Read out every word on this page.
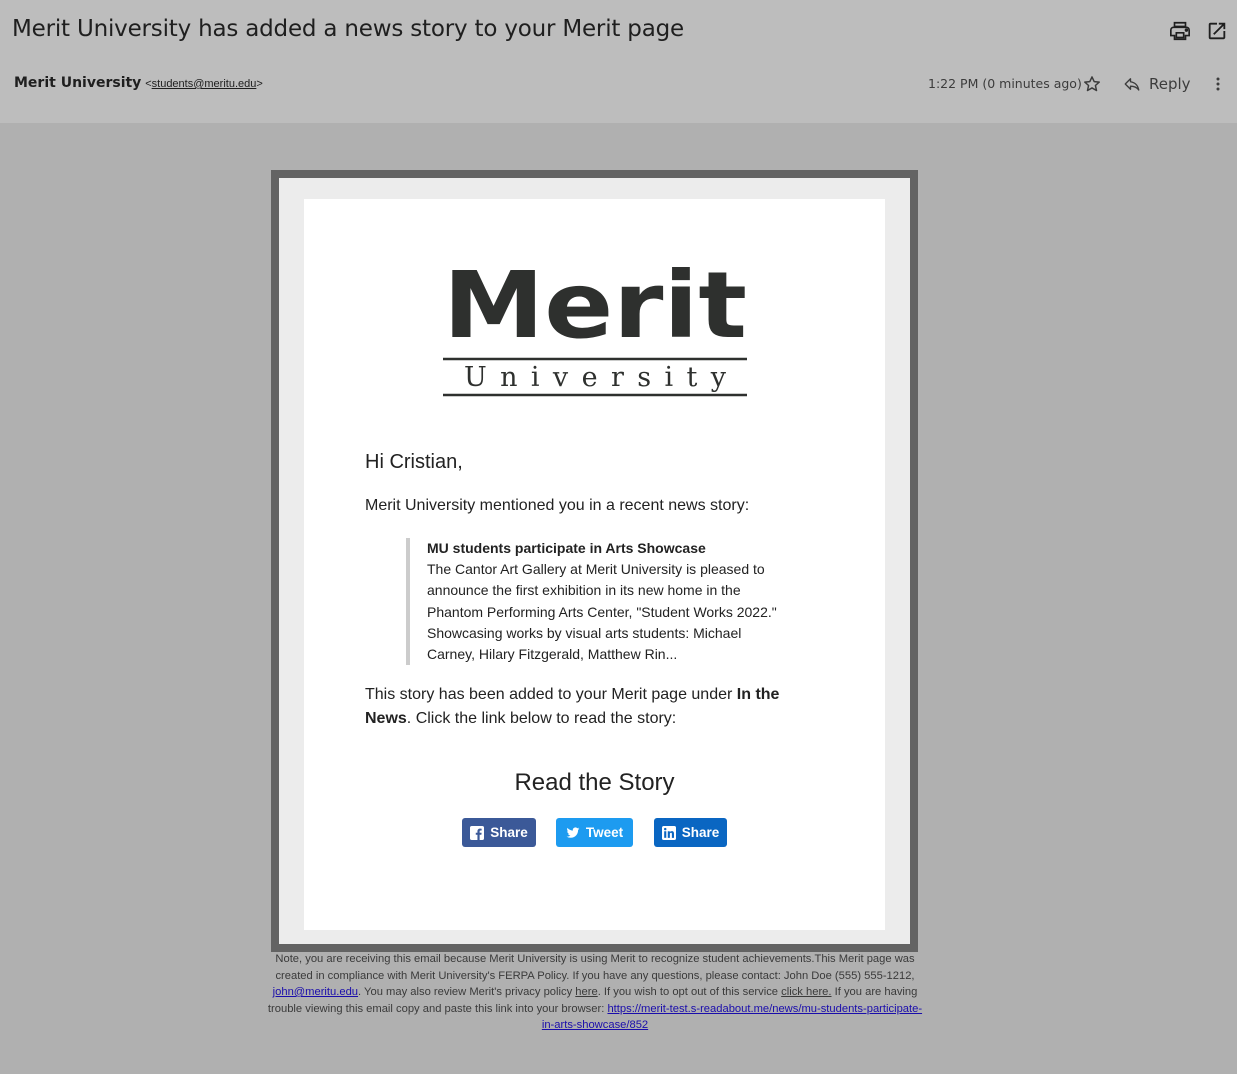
Merit University has added a news story to your Merit page
Merit University <students@meritu.edu>	1:22 PM (0 minutes ago)	Reply
Merit
University
Hi Cristian,
Merit University mentioned you in a recent news story:
MU students participate in Arts Showcase
The Cantor Art Gallery at Merit University is pleased to announce the first exhibition in its new home in the Phantom Performing Arts Center, "Student Works 2022." Showcasing works by visual arts students: Michael Carney, Hilary Fitzgerald, Matthew Rin...
This story has been added to your Merit page under In the News. Click the link below to read the story:
Read the Story
Share	Tweet	Share
Note, you are receiving this email because Merit University is using Merit to recognize student achievements.This Merit page was created in compliance with Merit University's FERPA Policy. If you have any questions, please contact: John Doe (555) 555-1212, john@meritu.edu. You may also review Merit's privacy policy here. If you wish to opt out of this service click here. If you are having trouble viewing this email copy and paste this link into your browser: https://merit-test.s-readabout.me/news/mu-students-participate-in-arts-showcase/852
